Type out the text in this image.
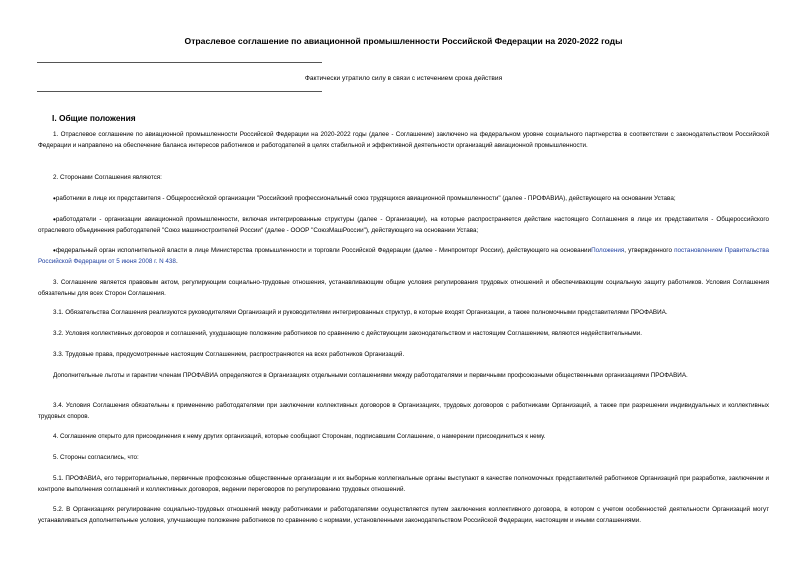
Отраслевое соглашение по авиационной промышленности Российской Федерации на 2020-2022 годы
Фактически утратило силу в связи с истечением срока действия
I. Общие положения
1. Отраслевое соглашение по авиационной промышленности Российской Федерации на 2020-2022 годы (далее - Соглашение) заключено на федеральном уровне социального партнерства в соответствии с законодательством Российской Федерации и направлено на обеспечение баланса интересов работников и работодателей в целях стабильной и эффективной деятельности организаций авиационной промышленности.
2. Сторонами Соглашения являются:
•работники в лице их представителя - Общероссийской организации "Российский профессиональный союз трудящихся авиационной промышленности" (далее - ПРОФАВИА), действующего на основании Устава;
•работодатели - организации авиационной промышленности, включая интегрированные структуры (далее - Организации), на которые распространяется действие настоящего Соглашения в лице их представителя - Общероссийского отраслевого объединения работодателей "Союз машиностроителей России" (далее - ОООР "СоюзМашРоссии"), действующего на основании Устава;
•федеральный орган исполнительной власти в лице Министерства промышленности и торговли Российской Федерации (далее - Минпромторг России), действующего на основанииПоложения, утвержденного постановлением Правительства Российской Федерации от 5 июня 2008 г. N 438.
3. Соглашение является правовым актом, регулирующим социально-трудовые отношения, устанавливающим общие условия регулирования трудовых отношений и обеспечивающим социальную защиту работников. Условия Соглашения обязательны для всех Сторон Соглашения.
3.1. Обязательства Соглашения реализуются руководителями Организаций и руководителями интегрированных структур, в которые входят Организации, а также полномочными представителями ПРОФАВИА.
3.2. Условия коллективных договоров и соглашений, ухудшающие положение работников по сравнению с действующим законодательством и настоящим Соглашением, являются недействительными.
3.3. Трудовые права, предусмотренные настоящим Соглашением, распространяются на всех работников Организаций.
Дополнительные льготы и гарантии членам ПРОФАВИА определяются в Организациях отдельными соглашениями между работодателями и первичными профсоюзными общественными организациями ПРОФАВИА.
3.4. Условия Соглашения обязательны к применению работодателями при заключении коллективных договоров в Организациях, трудовых договоров с работниками Организаций, а также при разрешении индивидуальных и коллективных трудовых споров.
4. Соглашение открыто для присоединения к нему других организаций, которые сообщают Сторонам, подписавшим Соглашение, о намерении присоединиться к нему.
5. Стороны согласились, что:
5.1. ПРОФАВИА, его территориальные, первичные профсоюзные общественные организации и их выборные коллегиальные органы выступают в качестве полномочных представителей работников Организаций при разработке, заключении и контроле выполнения соглашений и коллективных договоров, ведении переговоров по регулированию трудовых отношений.
5.2. В Организациях регулирование социально-трудовых отношений между работниками и работодателями осуществляется путем заключения коллективного договора, в котором с учетом особенностей деятельности Организаций могут устанавливаться дополнительные условия, улучшающие положение работников по сравнению с нормами, установленными законодательством Российской Федерации, настоящим и иными соглашениями.
